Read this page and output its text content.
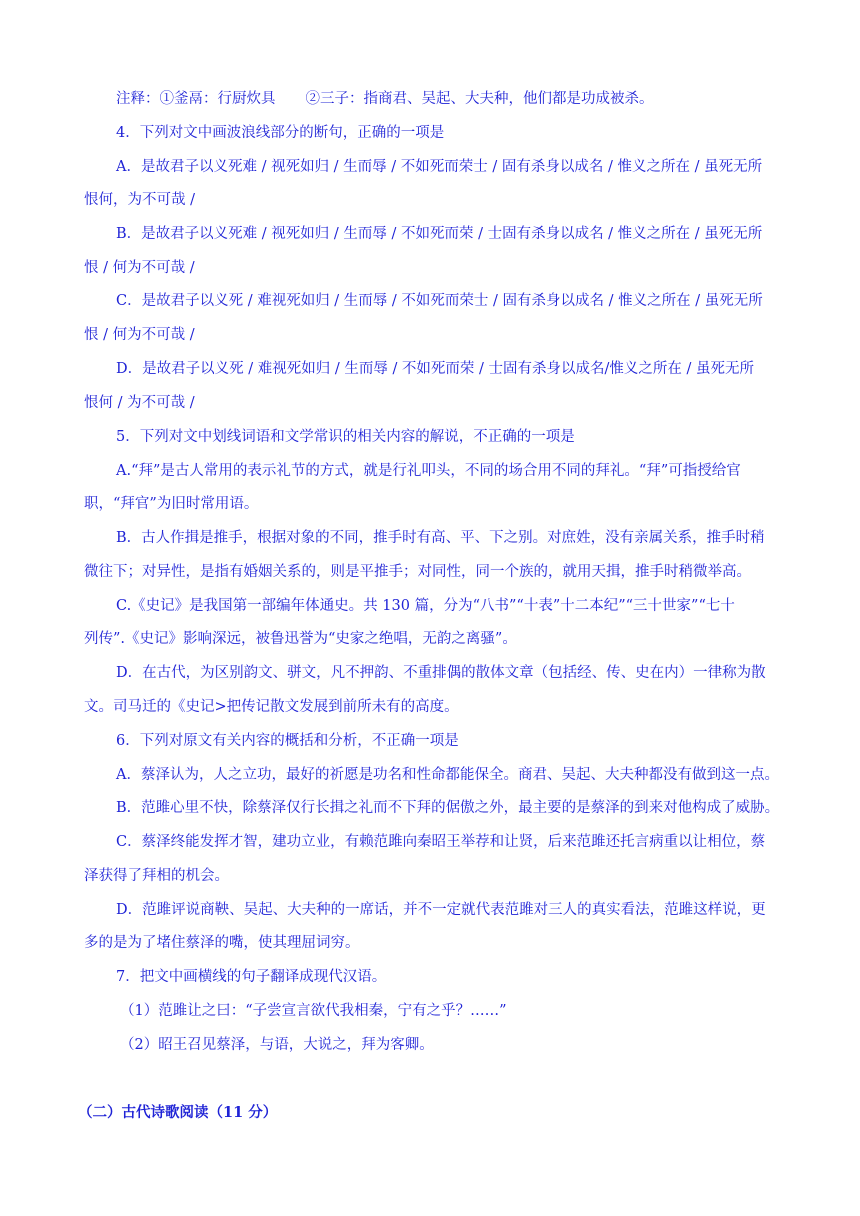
注释：①釜鬲：行厨炊具 ②三子：指商君、吴起、大夫种，他们都是功成被杀。
4．下列对文中画波浪线部分的断句，正确的一项是
A．是故君子以义死难 / 视死如归 / 生而辱 / 不如死而荣士 / 固有杀身以成名 / 惟义之所在 / 虽死无所
恨何，为不可哉 /
B．是故君子以义死难 / 视死如归 / 生而辱 / 不如死而荣 / 士固有杀身以成名 / 惟义之所在 / 虽死无所
恨 / 何为不可哉 /
C．是故君子以义死 / 难视死如归 / 生而辱 / 不如死而荣士 / 固有杀身以成名 / 惟义之所在 / 虽死无所
恨 / 何为不可哉 /
D．是故君子以义死 / 难视死如归 / 生而辱 / 不如死而荣 / 士固有杀身以成名/惟义之所在 / 虽死无所
恨何 / 为不可哉 /
5．下列对文中划线词语和文学常识的相关内容的解说，不正确的一项是
A.“拜”是古人常用的表示礼节的方式，就是行礼叩头，不同的场合用不同的拜礼。“拜”可指授给官
职，“拜官”为旧时常用语。
B．古人作揖是推手，根据对象的不同，推手时有高、平、下之别。对庶姓，没有亲属关系，推手时稍
微往下；对异性，是指有婚姻关系的，则是平推手；对同性，同一个族的，就用天揖，推手时稍微举高。
C.《史记》是我国第一部编年体通史。共 130 篇，分为“八书”“十表”十二本纪”“三十世家”“七十
列传”.《史记》影响深远，被鲁迅誉为“史家之绝唱，无韵之离骚”。
D．在古代，为区别韵文、骈文，凡不押韵、不重排偶的散体文章（包括经、传、史在内）一律称为散
文。司马迁的《史记>把传记散文发展到前所未有的高度。
6．下列对原文有关内容的概括和分析，不正确一项是
A．蔡泽认为，人之立功，最好的祈愿是功名和性命都能保全。商君、吴起、大夫种都没有做到这一点。
B．范雎心里不快，除蔡泽仅行长揖之礼而不下拜的倨傲之外，最主要的是蔡泽的到来对他构成了威胁。
C．蔡泽终能发挥才智，建功立业，有赖范雎向秦昭王举荐和让贤，后来范雎还托言病重以让相位，蔡
泽获得了拜相的机会。
D．范雎评说商鞅、吴起、大夫种的一席话，并不一定就代表范雎对三人的真实看法，范雎这样说，更
多的是为了堵住蔡泽的嘴，使其理屈词穷。
7．把文中画横线的句子翻译成现代汉语。
（1）范雎让之曰：“子尝宣言欲代我相秦，宁有之乎？……”
（2）昭王召见蔡泽，与语，大说之，拜为客卿。
（二）古代诗歌阅读（11 分）
